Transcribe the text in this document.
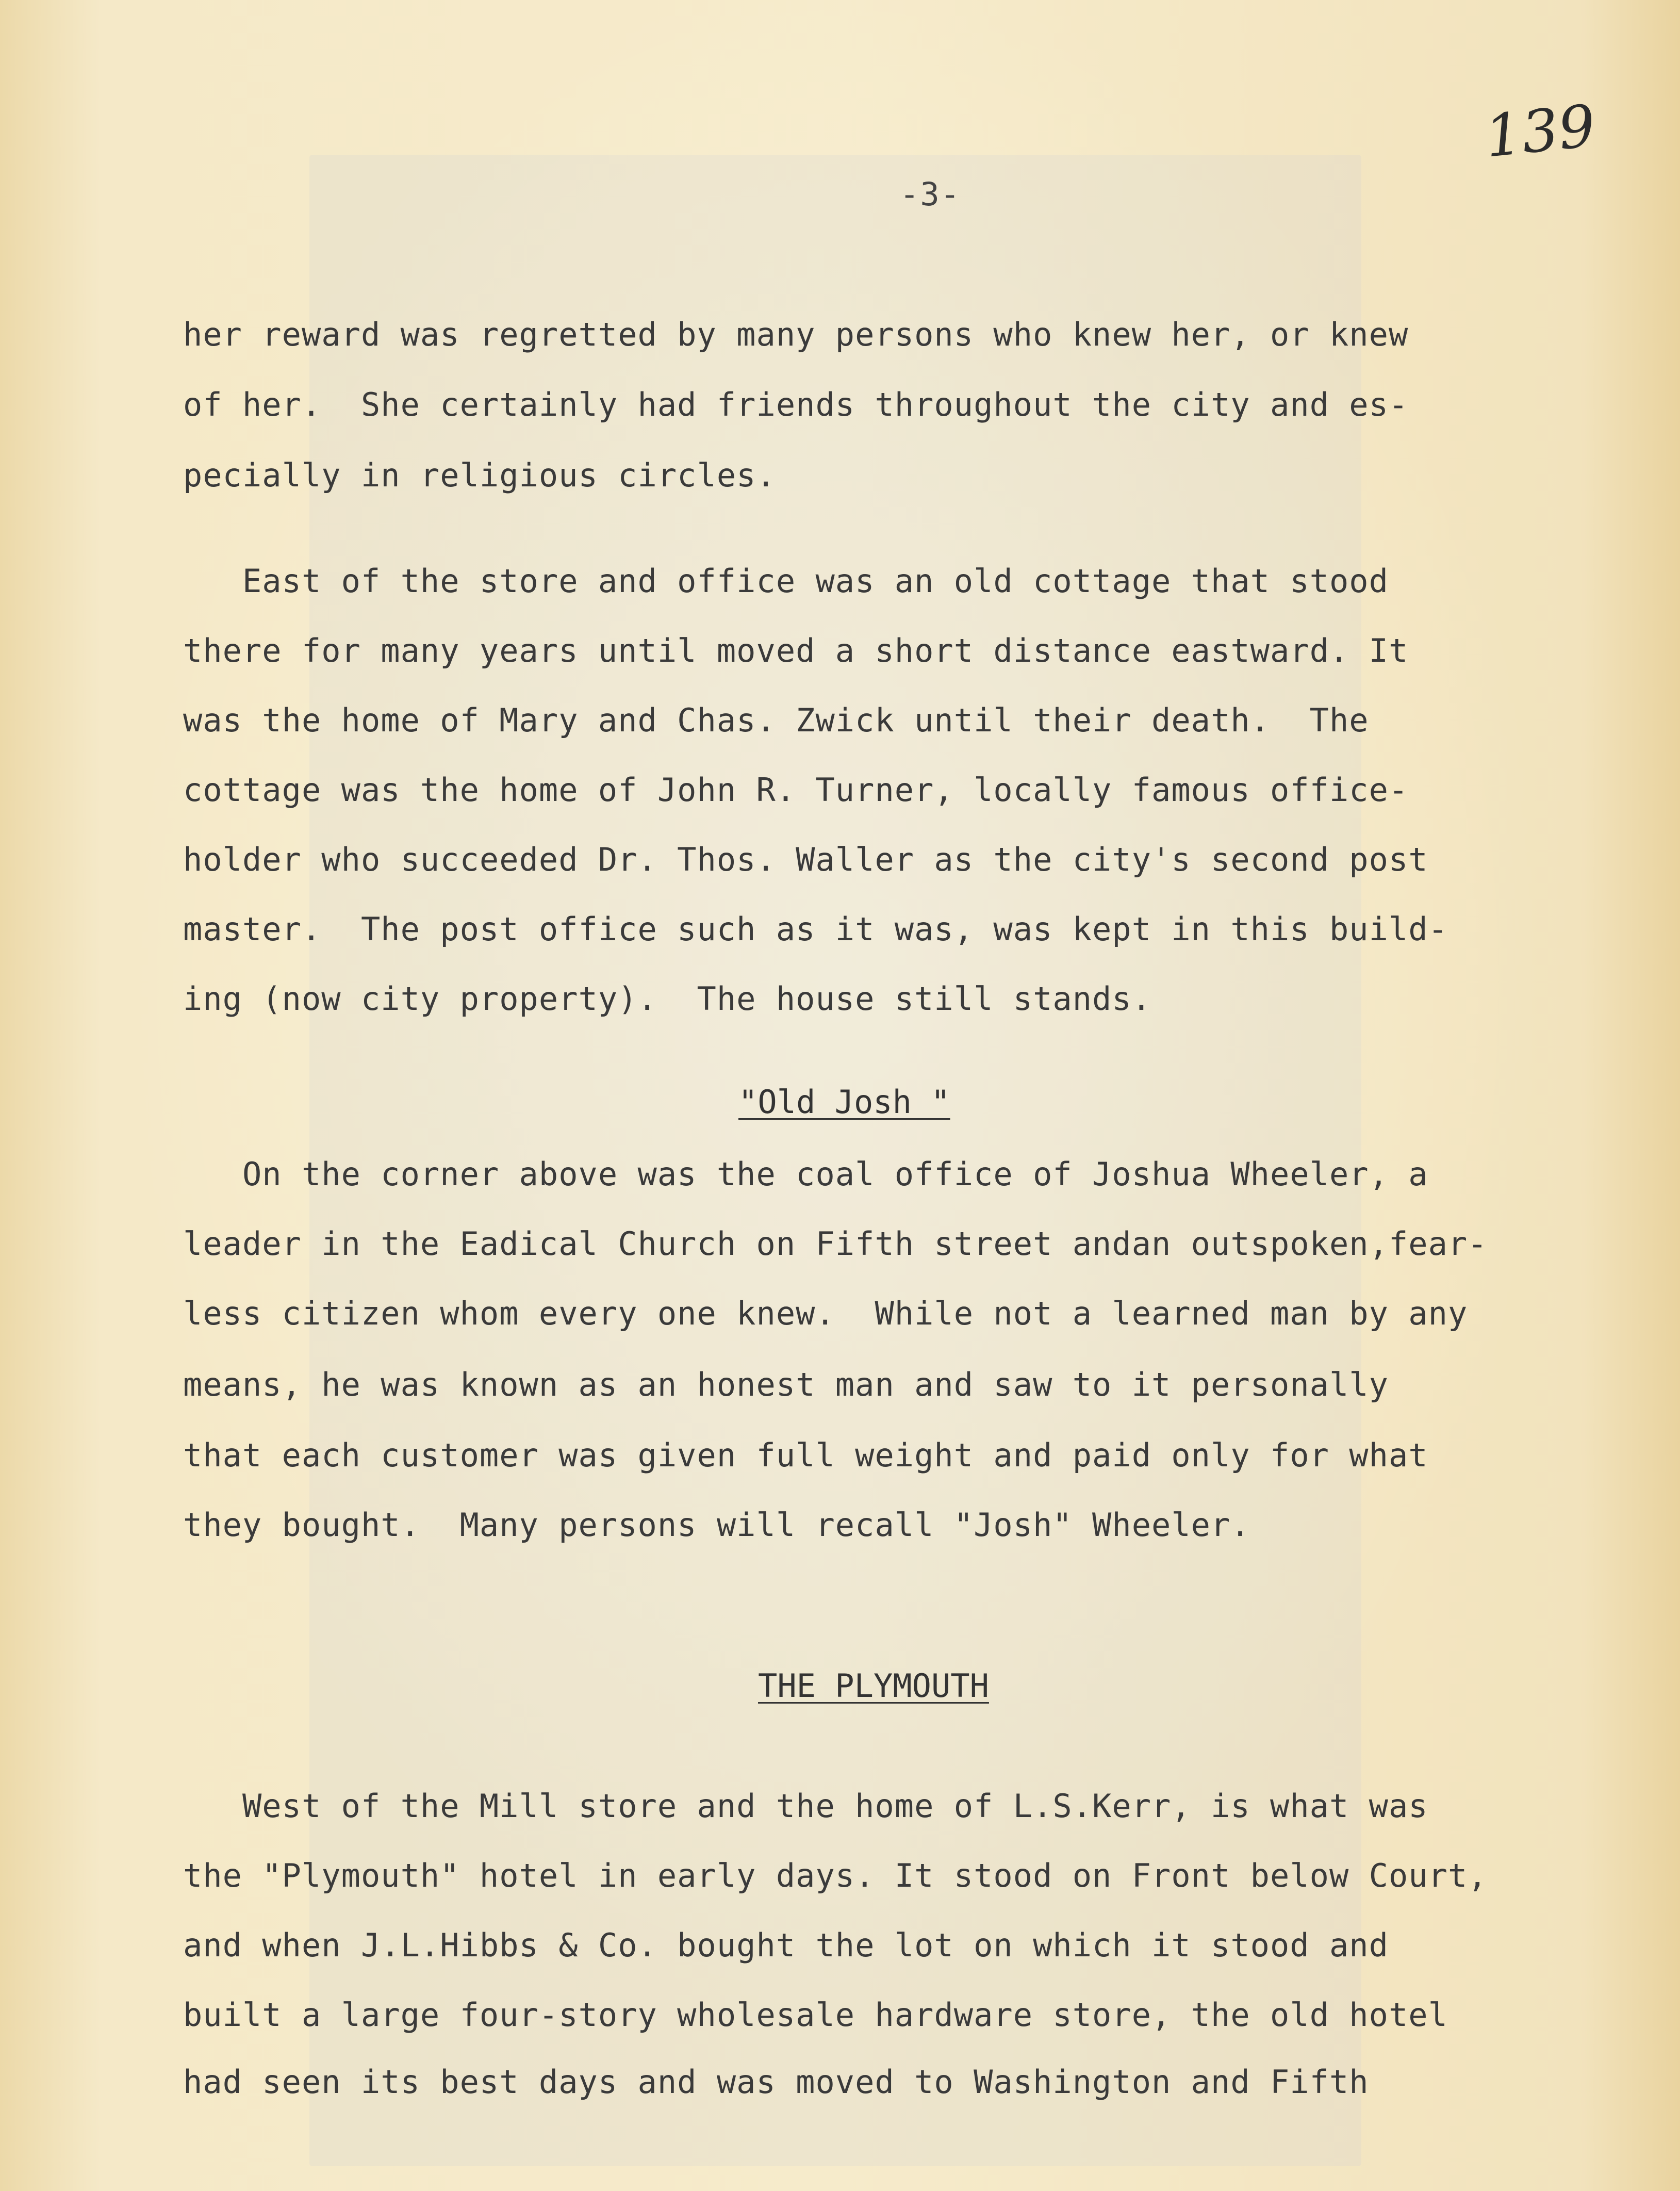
139
-3-
her reward was regretted by many persons who knew her, or knew
of her.  She certainly had friends throughout the city and es-
pecially in religious circles.
East of the store and office was an old cottage that stood
there for many years until moved a short distance eastward. It
was the home of Mary and Chas. Zwick until their death.  The
cottage was the home of John R. Turner, locally famous office-
holder who succeeded Dr. Thos. Waller as the city's second post
master.  The post office such as it was, was kept in this build-
ing (now city property).  The house still stands.
"Old Josh "
On the corner above was the coal office of Joshua Wheeler, a
leader in the Eadical Church on Fifth street andan outspoken,fear-
less citizen whom every one knew.  While not a learned man by any
means, he was known as an honest man and saw to it personally
that each customer was given full weight and paid only for what
they bought.  Many persons will recall "Josh" Wheeler.
THE PLYMOUTH
West of the Mill store and the home of L.S.Kerr, is what was
the "Plymouth" hotel in early days. It stood on Front below Court,
and when J.L.Hibbs & Co. bought the lot on which it stood and
built a large four-story wholesale hardware store, the old hotel
had seen its best days and was moved to Washington and Fifth
